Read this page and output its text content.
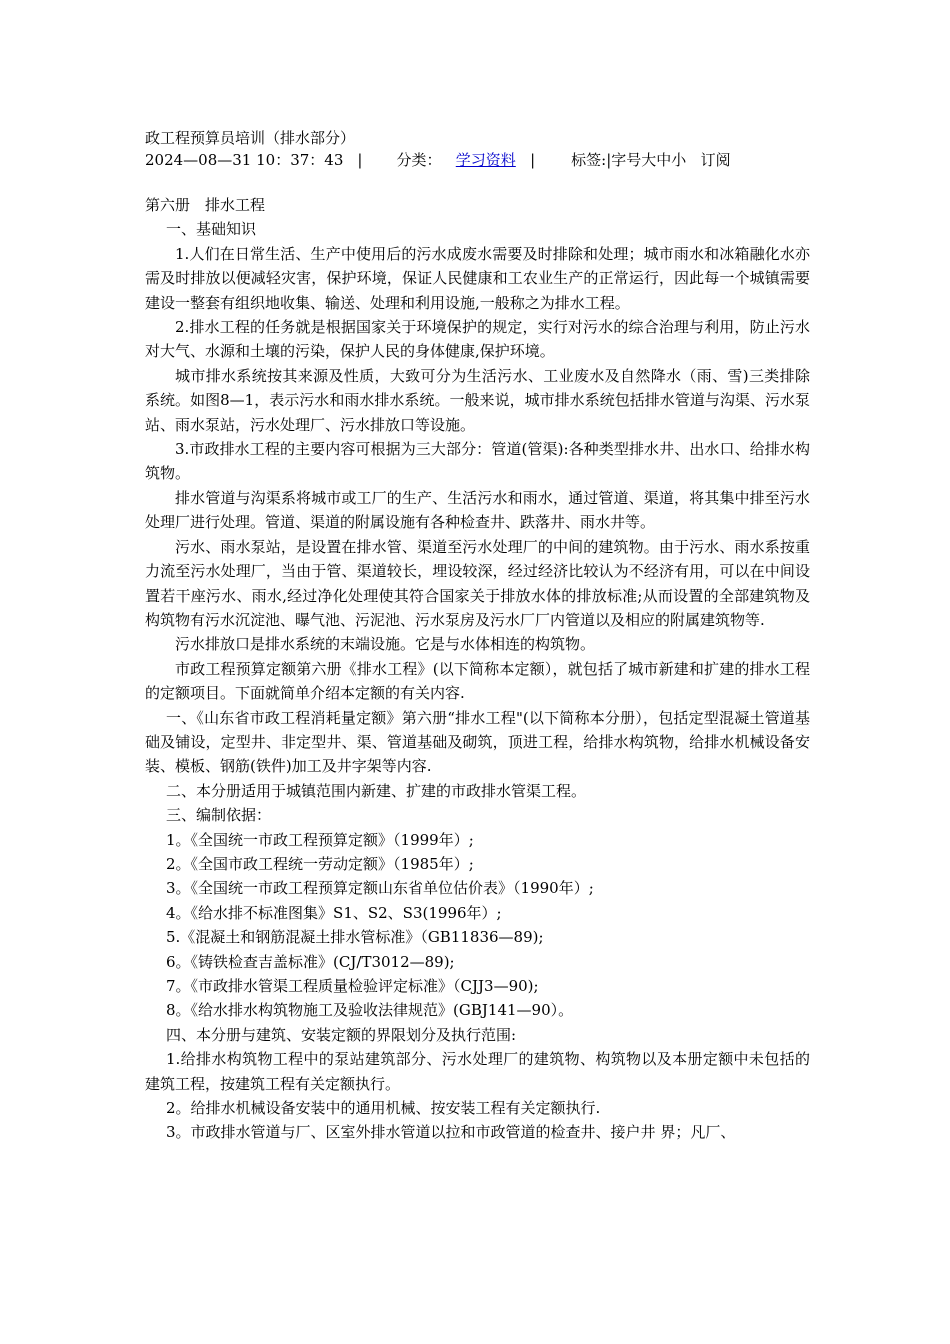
政工程预算员培训（排水部分）

2024—08—31 10：37：43 | 分类： 学习资料 | 标签:|字号大中小 订阅

第六册　排水工程

一、基础知识

1.人们在日常生活、生产中使用后的污水成废水需要及时排除和处理；城市雨水和冰箱融化水亦需及时排放以便减轻灾害，保护环境，保证人民健康和工农业生产的正常运行，因此每一个城镇需要建设一整套有组织地收集、输送、处理和利用设施,一般称之为排水工程。

2.排水工程的任务就是根据国家关于环境保护的规定，实行对污水的综合治理与利用，防止污水对大气、水源和土壤的污染，保护人民的身体健康,保护环境。

城市排水系统按其来源及性质，大致可分为生活污水、工业废水及自然降水（雨、雪)三类排除系统。如图8—1，表示污水和雨水排水系统。一般来说，城市排水系统包括排水管道与沟渠、污水泵站、雨水泵站，污水处理厂、污水排放口等设施。

3.市政排水工程的主要内容可根据为三大部分：管道(管渠):各种类型排水井、出水口、给排水构筑物。

排水管道与沟渠系将城市或工厂的生产、生活污水和雨水，通过管道、渠道，将其集中排至污水处理厂进行处理。管道、渠道的附属设施有各种检查井、跌落井、雨水井等。

污水、雨水泵站，是设置在排水管、渠道至污水处理厂的中间的建筑物。由于污水、雨水系按重力流至污水处理厂，当由于管、渠道较长，埋设较深，经过经济比较认为不经济有用，可以在中间设置若干座污水、雨水,经过净化处理使其符合国家关于排放水体的排放标准;从而设置的全部建筑物及构筑物有污水沉淀池、曝气池、污泥池、污水泵房及污水厂厂内管道以及相应的附属建筑物等.

污水排放口是排水系统的末端设施。它是与水体相连的构筑物。

市政工程预算定额第六册《排水工程》(以下简称本定额），就包括了城市新建和扩建的排水工程的定额项目。下面就简单介绍本定额的有关内容.

一、《山东省市政工程消耗量定额》第六册“排水工程"(以下简称本分册），包括定型混凝土管道基础及铺设，定型井、非定型井、渠、管道基础及砌筑，顶进工程，给排水构筑物，给排水机械设备安装、模板、钢筋(铁件)加工及井字架等内容.

二、本分册适用于城镇范围内新建、扩建的市政排水管渠工程。

三、编制依据：

1。《全国统一市政工程预算定额》（1999年）;

2。《全国市政工程统一劳动定额》（1985年）;

3。《全国统一市政工程预算定额山东省单位估价表》（1990年）;

4。《给水排不标准图集》S1、S2、S3(1996年）;

5.《混凝土和钢筋混凝土排水管标准》（GB11836—89);

6。《铸铁检查吉盖标准》(CJ/T3012—89);

7。《市政排水管渠工程质量检验评定标准》（CJJ3—90);

8。《给水排水构筑物施工及验收法律规范》(GBJ141—90）。

四、本分册与建筑、安装定额的界限划分及执行范围:

1.给排水构筑物工程中的泵站建筑部分、污水处理厂的建筑物、构筑物以及本册定额中未包括的建筑工程，按建筑工程有关定额执行。

2。给排水机械设备安装中的通用机械、按安装工程有关定额执行.

3。市政排水管道与厂、区室外排水管道以拉和市政管道的检查井、接户井 界；凡厂、
